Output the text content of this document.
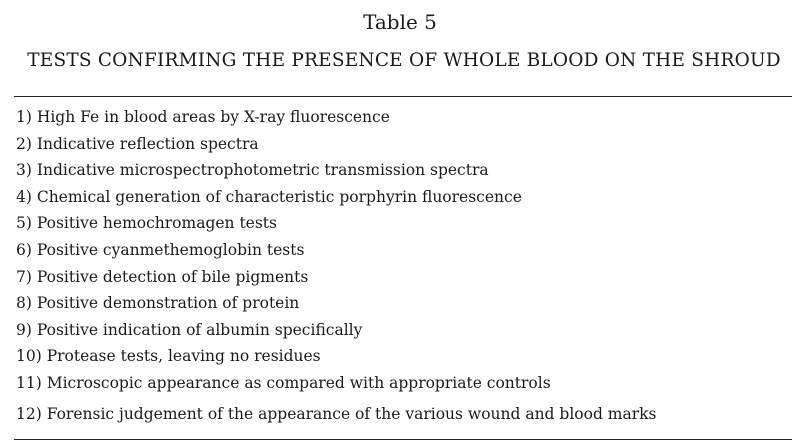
Table 5
TESTS CONFIRMING THE PRESENCE OF WHOLE BLOOD ON THE SHROUD
1) High Fe in blood areas by X-ray fluorescence
2) Indicative reflection spectra
3) Indicative microspectrophotometric transmission spectra
4) Chemical generation of characteristic porphyrin fluorescence
5) Positive hemochromagen tests
6) Positive cyanmethemoglobin tests
7) Positive detection of bile pigments
8) Positive demonstration of protein
9) Positive indication of albumin specifically
10) Protease tests, leaving no residues
11) Microscopic appearance as compared with appropriate controls
12) Forensic judgement of the appearance of the various wound and blood marks
